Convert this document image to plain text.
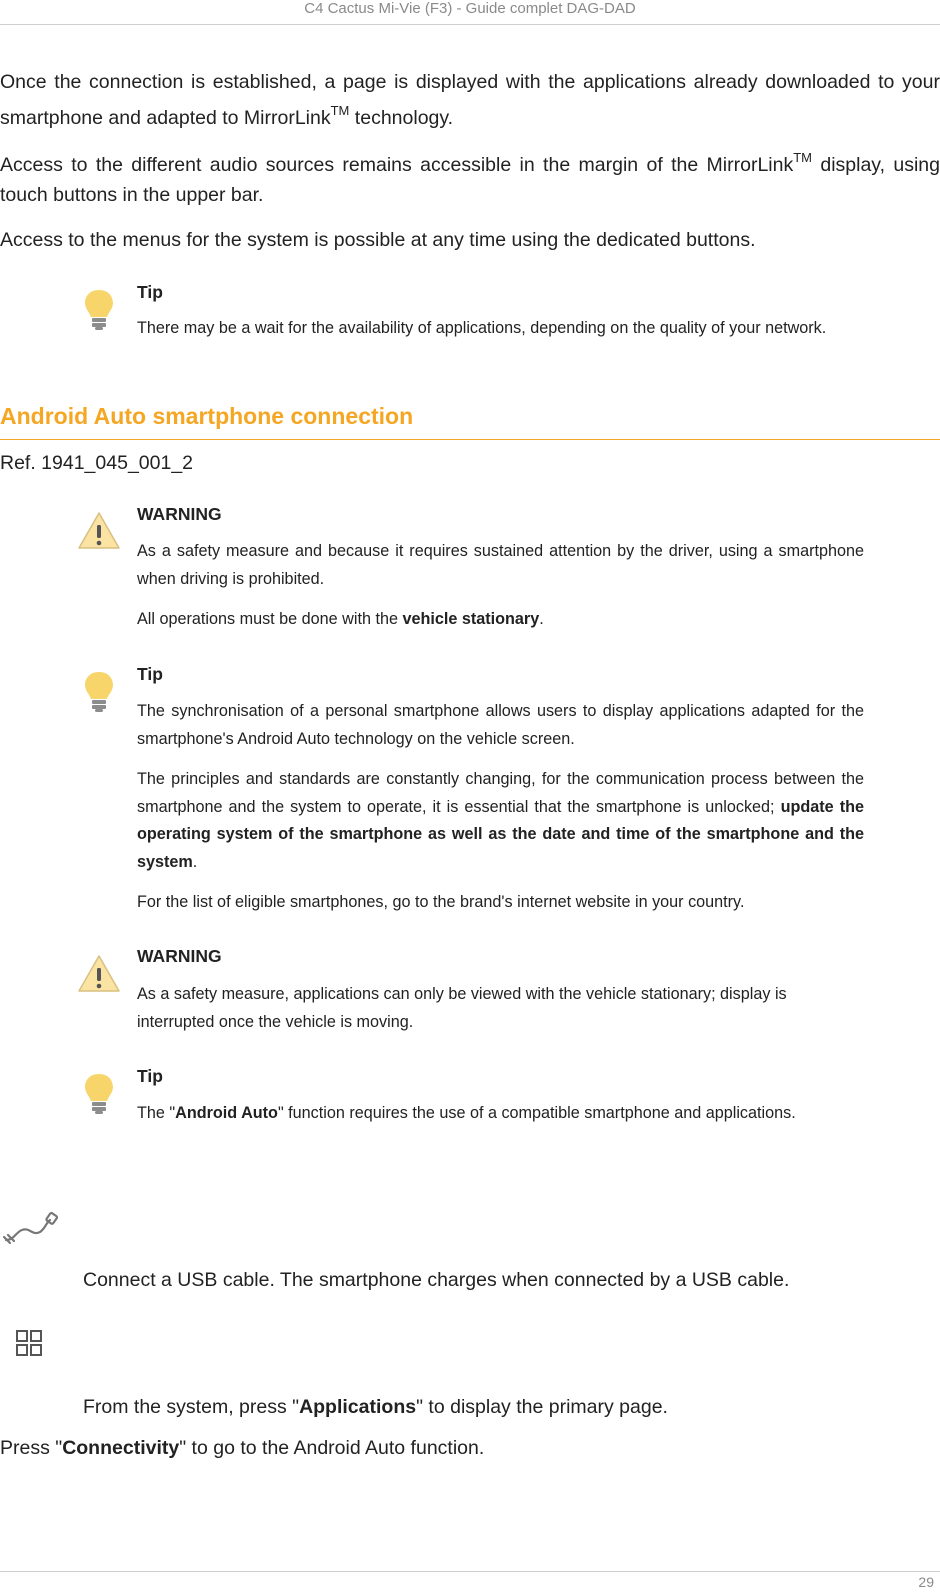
C4 Cactus Mi-Vie (F3) - Guide complet DAG-DAD

Once the connection is established, a page is displayed with the applications already downloaded to your smartphone and adapted to MirrorLink™ technology.

Access to the different audio sources remains accessible in the margin of the MirrorLink™ display, using touch buttons in the upper bar.

Access to the menus for the system is possible at any time using the dedicated buttons.

Tip

There may be a wait for the availability of applications, depending on the quality of your network.

Android Auto smartphone connection
Ref. 1941_045_001_2
WARNING

As a safety measure and because it requires sustained attention by the driver, using a smartphone when driving is prohibited.

All operations must be done with the vehicle stationary.

Tip

The synchronisation of a personal smartphone allows users to display applications adapted for the smartphone's Android Auto technology on the vehicle screen.

The principles and standards are constantly changing, for the communication process between the smartphone and the system to operate, it is essential that the smartphone is unlocked; update the operating system of the smartphone as well as the date and time of the smartphone and the system.

For the list of eligible smartphones, go to the brand's internet website in your country.

WARNING

As a safety measure, applications can only be viewed with the vehicle stationary; display is interrupted once the vehicle is moving.

Tip

The "Android Auto" function requires the use of a compatible smartphone and applications.

Connect a USB cable. The smartphone charges when connected by a USB cable.
From the system, press "Applications" to display the primary page.
Press "Connectivity" to go to the Android Auto function.
29
